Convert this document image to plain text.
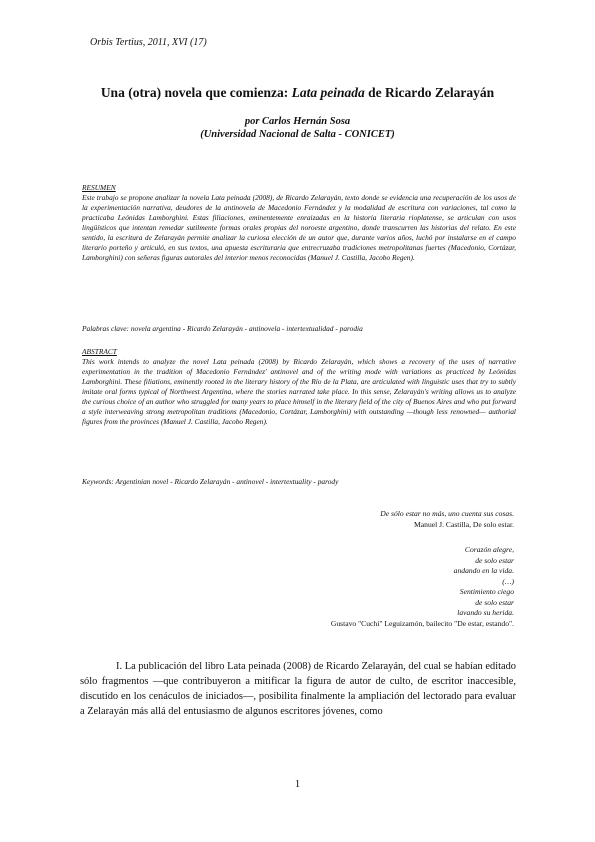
Orbis Tertius, 2011, XVI (17)
Una (otra) novela que comienza: Lata peinada de Ricardo Zelarayán
por Carlos Hernán Sosa
(Universidad Nacional de Salta - CONICET)
RESUMEN

Este trabajo se propone analizar la novela Lata peinada (2008), de Ricardo Zelarayán, texto donde se evidencia una recuperación de los usos de la experimentación narrativa, deudores de la antinovela de Macedonio Fernández y la modalidad de escritura con variaciones, tal como la practicaba Leónidas Lamborghini. Estas filiaciones, eminentemente enraizadas en la historia literaria rioplatense, se articulan con usos lingüísticos que intentan remedar sutilmente formas orales propias del noroeste argentino, donde transcurren las historias del relato. En este sentido, la escritura de Zelarayán permite analizar la curiosa elección de un autor que, durante varios años, luchó por instalarse en el campo literario porteño y articuló, en sus textos, una apuesta escrituraria que entrecruzaba tradiciones metropolitanas fuertes (Macedonio, Cortázar, Lamborghini) con señeras figuras autorales del interior menos reconocidas (Manuel J. Castilla, Jacobo Regen).

Palabras clave: novela argentina - Ricardo Zelarayán - antinovela - intertextualidad - parodia
ABSTRACT

This work intends to analyze the novel Lata peinada (2008) by Ricardo Zelarayán, which shows a recovery of the uses of narrative experimentation in the tradition of Macedonio Fernández' antinovel and of the writing mode with variations as practiced by Leónidas Lamborghini. These filiations, eminently rooted in the literary history of the Río de la Plata, are articulated with linguistic uses that try to subtly imitate oral forms typical of Northwest Argentina, where the stories narrated take place. In this sense, Zelarayán's writing allows us to analyze the curious choice of an author who struggled for many years to place himself in the literary field of the city of Buenos Aires and who put forward a style interweaving strong metropolitan traditions (Macedonio, Cortázar, Lamborghini) with outstanding —though less renowned— authorial figures from the provinces (Manuel J. Castilla, Jacobo Regen).

Keywords: Argentinian novel - Ricardo Zelarayán - antinovel - intertextuality - parody
De sólo estar no más, uno cuenta sus cosas.
Manuel J. Castilla, De solo estar.
Corazón alegre,
de solo estar
andando en la vida.
(…)
Sentimiento ciego
de solo estar
lavando su herida.
Gustavo "Cuchi" Leguizamón, bailecito "De estar, estando".

I. La publicación del libro Lata peinada (2008) de Ricardo Zelarayán, del cual se habían editado sólo fragmentos —que contribuyeron a mitificar la figura de autor de culto, de escritor inaccesible, discutido en los cenáculos de iniciados—, posibilita finalmente la ampliación del lectorado para evaluar a Zelarayán más allá del entusiasmo de algunos escritores jóvenes, como

1
